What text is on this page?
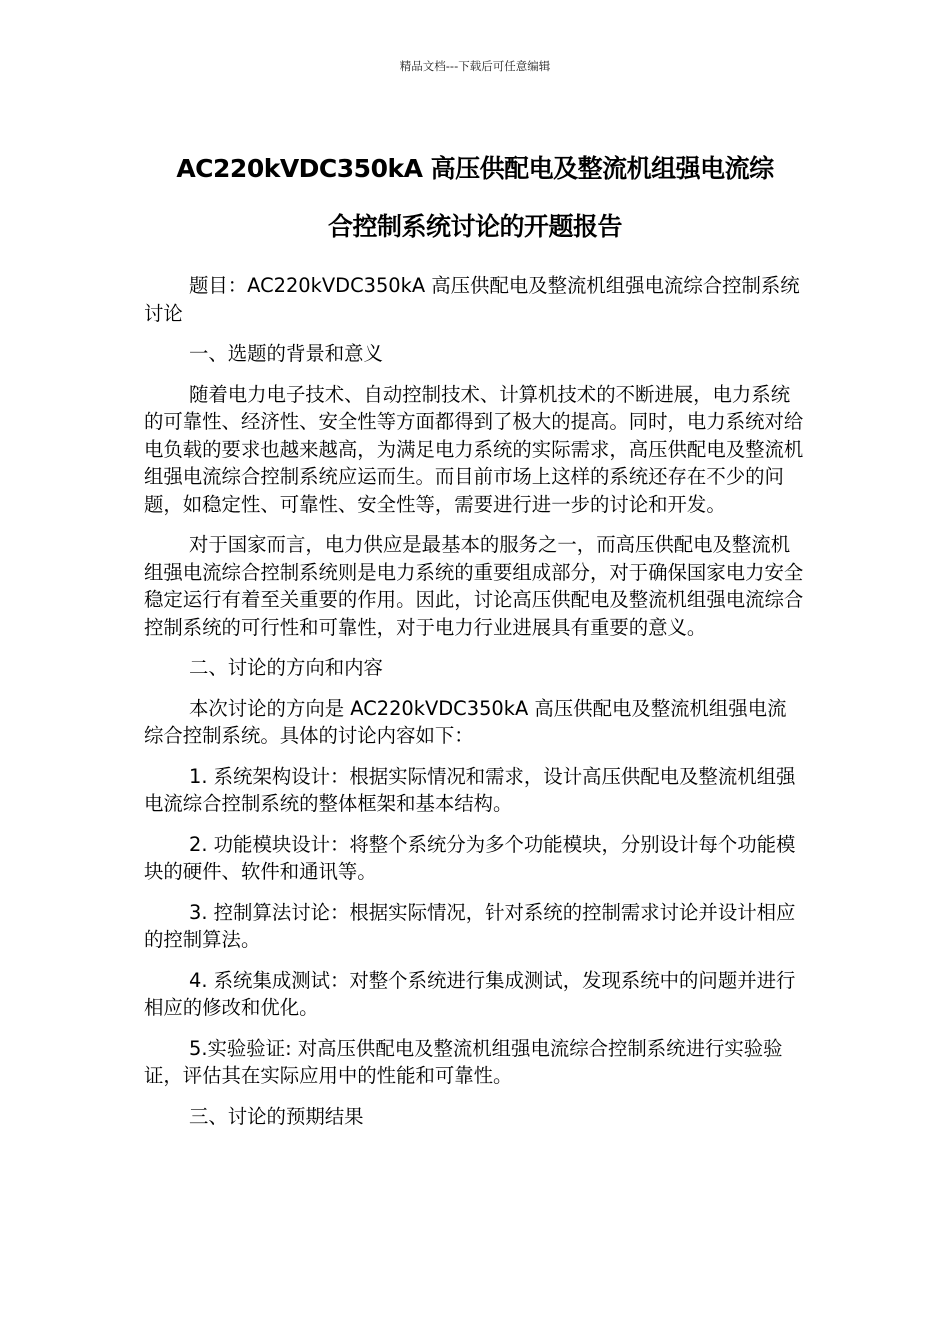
精品文档---下载后可任意编辑
AC220kVDC350kA 高压供配电及整流机组强电流综
合控制系统讨论的开题报告

题目：AC220kVDC350kA 高压供配电及整流机组强电流综合控制系统讨论

一、选题的背景和意义

随着电力电子技术、自动控制技术、计算机技术的不断进展，电力系统的可靠性、经济性、安全性等方面都得到了极大的提高。同时，电力系统对给电负载的要求也越来越高，为满足电力系统的实际需求，高压供配电及整流机组强电流综合控制系统应运而生。而目前市场上这样的系统还存在不少的问题，如稳定性、可靠性、安全性等，需要进行进一步的讨论和开发。

对于国家而言，电力供应是最基本的服务之一，而高压供配电及整流机组强电流综合控制系统则是电力系统的重要组成部分，对于确保国家电力安全稳定运行有着至关重要的作用。因此，讨论高压供配电及整流机组强电流综合控制系统的可行性和可靠性，对于电力行业进展具有重要的意义。

二、讨论的方向和内容

本次讨论的方向是 AC220kVDC350kA 高压供配电及整流机组强电流综合控制系统。具体的讨论内容如下：

1. 系统架构设计：根据实际情况和需求，设计高压供配电及整流机组强电流综合控制系统的整体框架和基本结构。

2. 功能模块设计：将整个系统分为多个功能模块，分别设计每个功能模块的硬件、软件和通讯等。

3. 控制算法讨论：根据实际情况，针对系统的控制需求讨论并设计相应的控制算法。

4. 系统集成测试：对整个系统进行集成测试，发现系统中的问题并进行相应的修改和优化。

5.实验验证: 对高压供配电及整流机组强电流综合控制系统进行实验验证，评估其在实际应用中的性能和可靠性。

三、讨论的预期结果
